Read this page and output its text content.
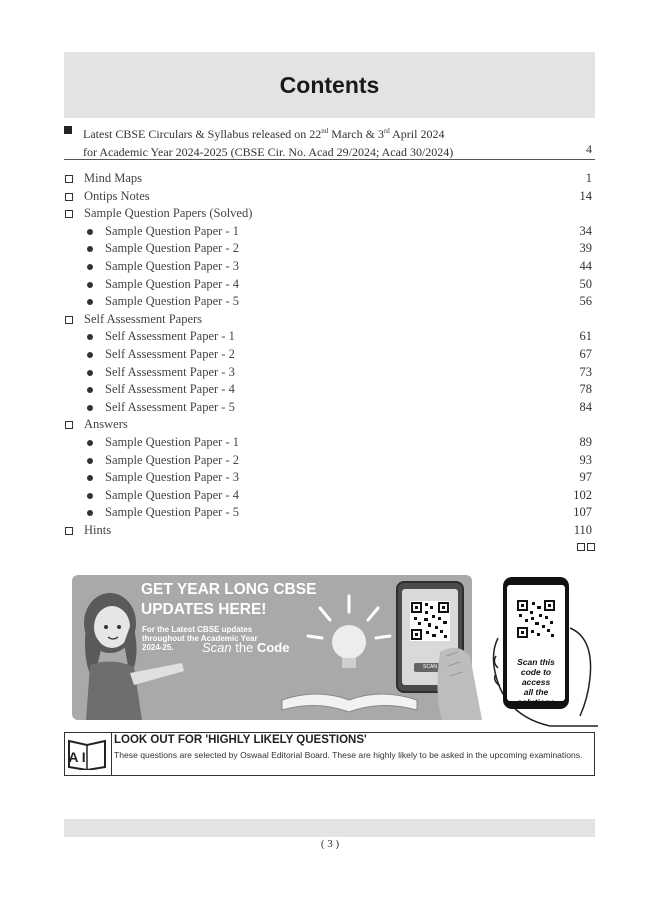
Contents
Latest CBSE Circulars & Syllabus released on 22nd March & 3rd April 2024
for Academic Year 2024-2025 (CBSE Cir. No. Acad 29/2024; Acad 30/2024)	4
Mind Maps	1
Ontips Notes	14
Sample Question Papers (Solved)
Sample Question Paper - 1	34
Sample Question Paper - 2	39
Sample Question Paper - 3	44
Sample Question Paper - 4	50
Sample Question Paper - 5	56
Self Assessment Papers
Self Assessment Paper - 1	61
Self Assessment Paper - 2	67
Self Assessment Paper - 3	73
Self Assessment Paper - 4	78
Self Assessment Paper - 5	84
Answers
Sample Question Paper - 1	89
Sample Question Paper - 2	93
Sample Question Paper - 3	97
Sample Question Paper - 4	102
Sample Question Paper - 5	107
Hints	110
GET YEAR LONG CBSE
UPDATES HERE!
For the Latest CBSE updates
throughout the Academic Year
2024-25.	Scan the Code
SCAN	Scan this
code to
access
all the
solutions
A I
LOOK OUT FOR 'HIGHLY LIKELY QUESTIONS'
These questions are selected by Oswaal Editorial Board. These are highly likely to be asked in the upcoming examinations.
( 3 )
